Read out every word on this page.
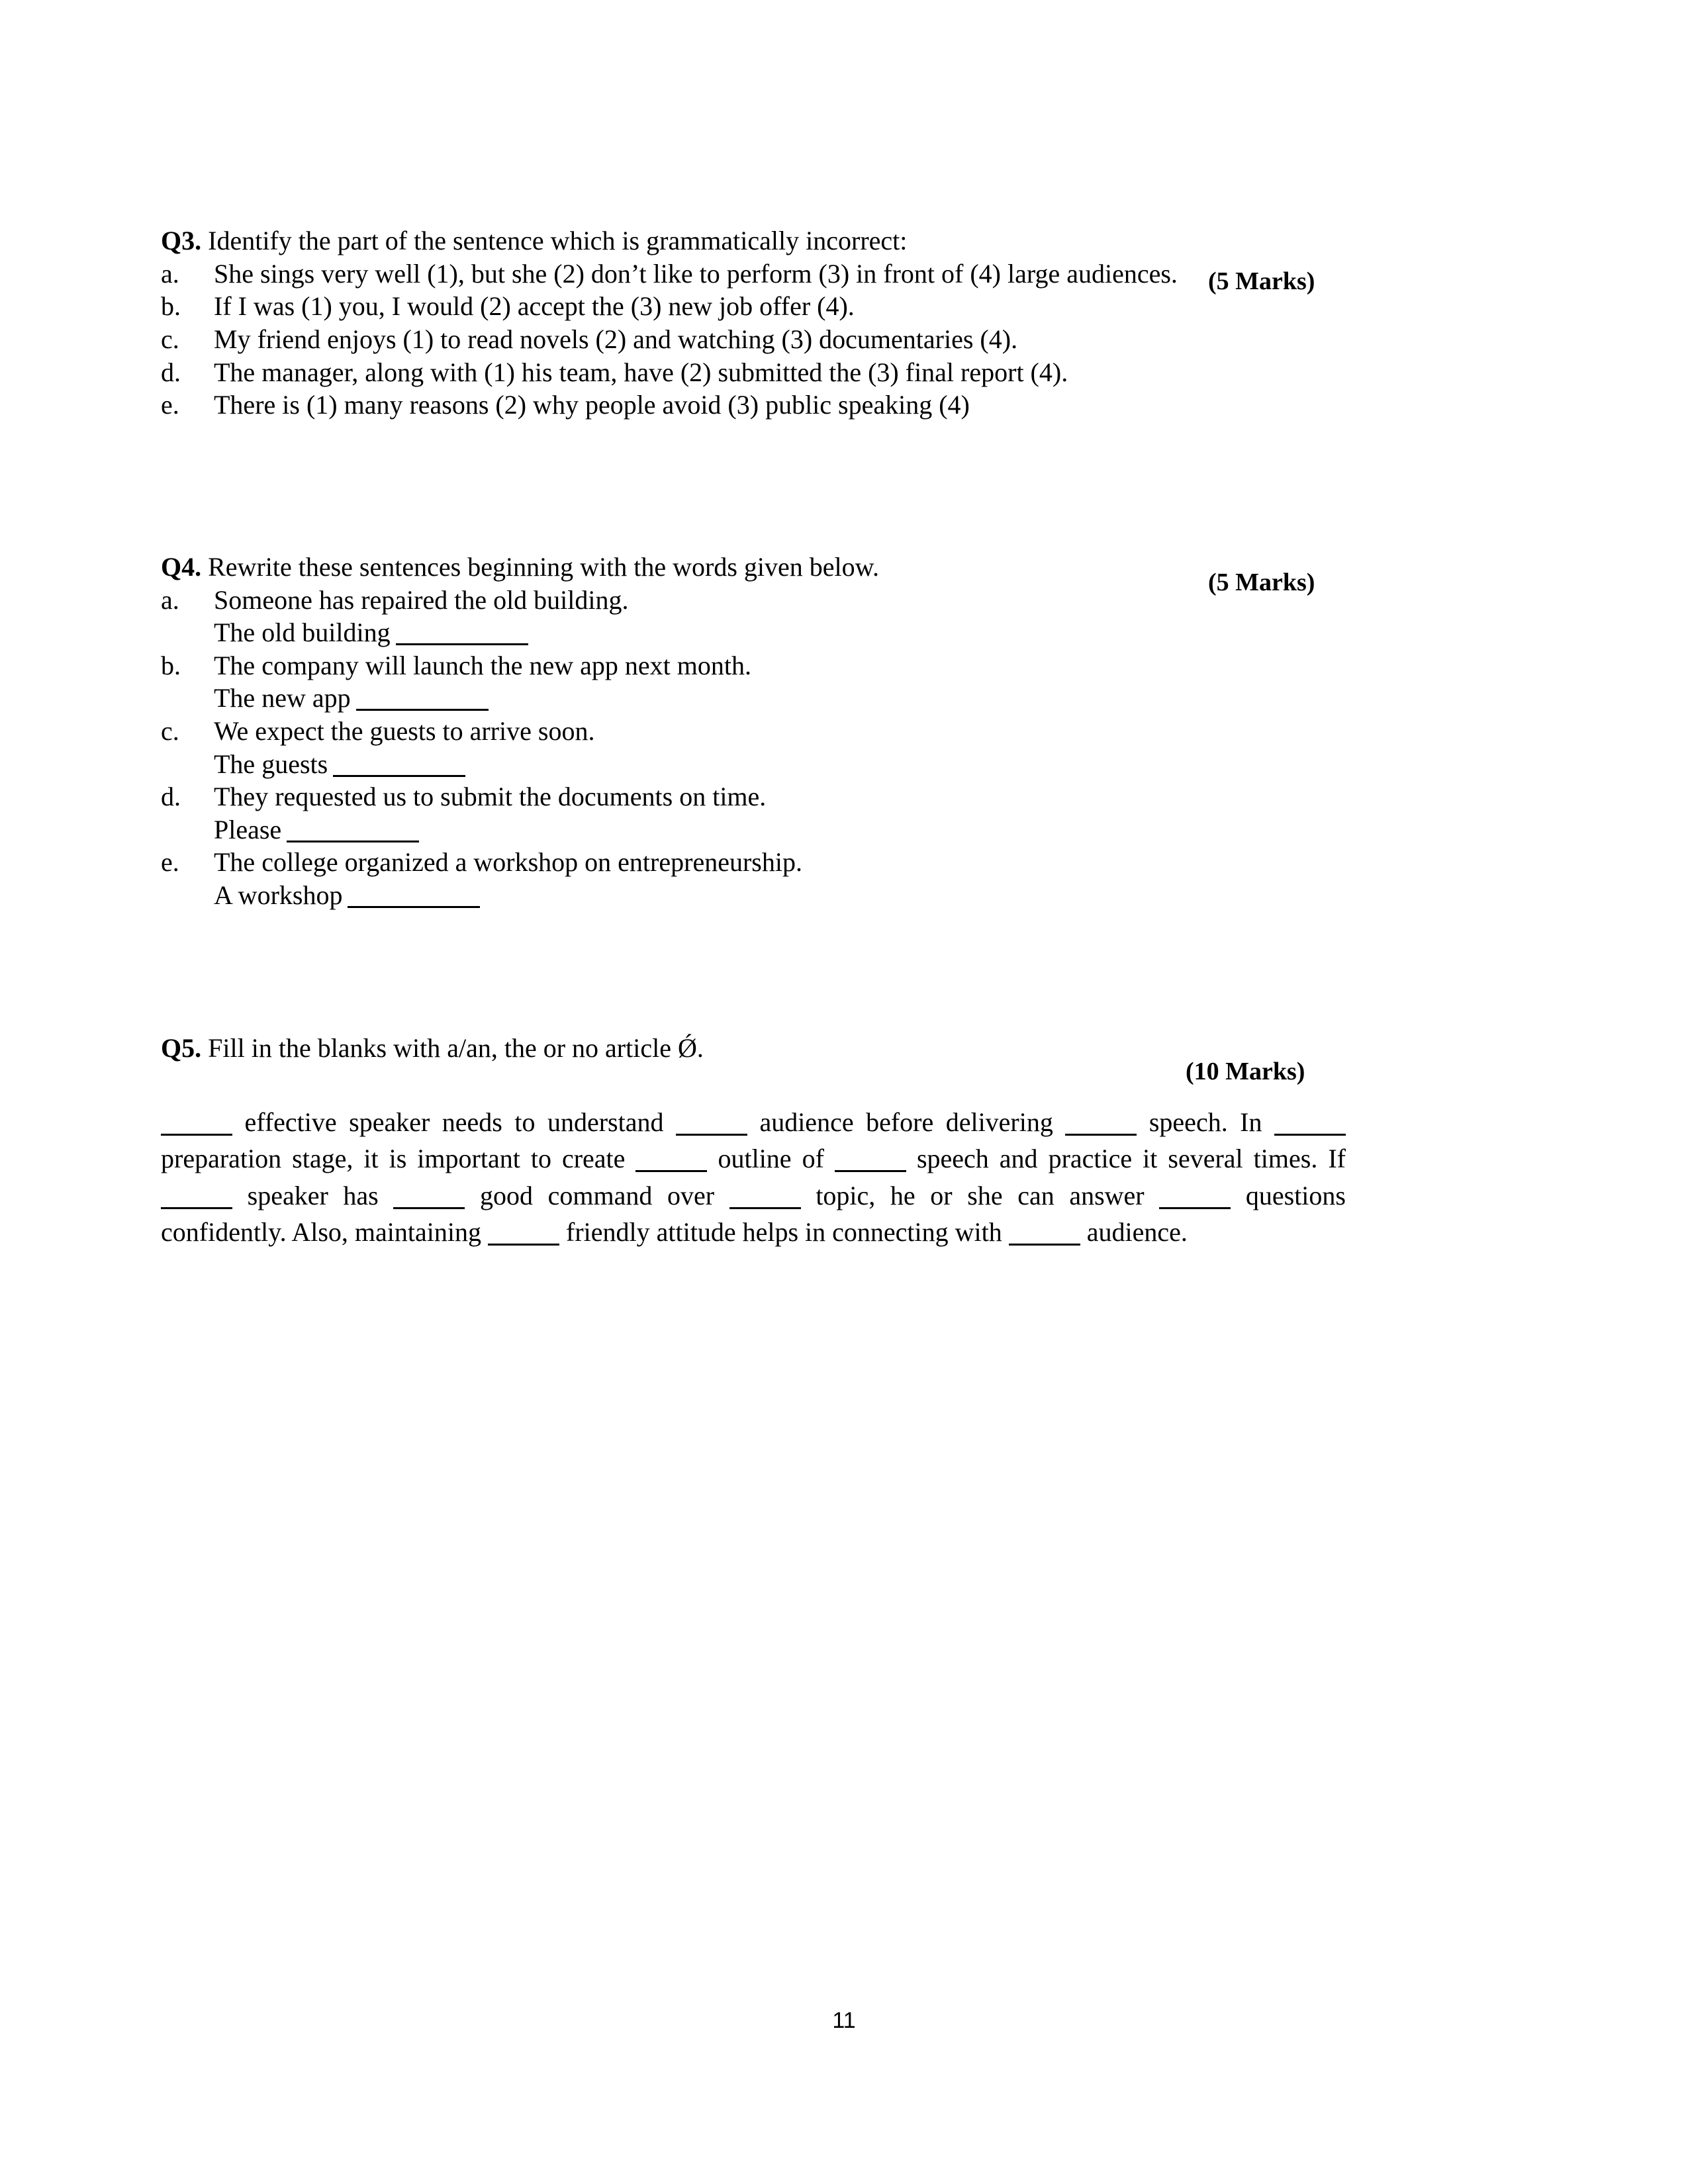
Q3. Identify the part of the sentence which is grammatically incorrect:
(5 Marks)
a.	She sings very well (1), but she (2) don’t like to perform (3) in front of (4) large audiences.
b.	If I was (1) you, I would (2) accept the (3) new job offer (4).
c.	My friend enjoys (1) to read novels (2) and watching (3) documentaries (4).
d.	The manager, along with (1) his team, have (2) submitted the (3) final report (4).
e.	There is (1) many reasons (2) why people avoid (3) public speaking (4)
Q4. Rewrite these sentences beginning with the words given below.
(5 Marks)
a.	Someone has repaired the old building.
The old building
b.	The company will launch the new app next month.
The new app
c.	We expect the guests to arrive soon.
The guests
d.	They requested us to submit the documents on time.
Please
e.	The college organized a workshop on entrepreneurship.
A workshop
Q5. Fill in the blanks with a/an, the or no article Ǿ.
(10 Marks)

effective speaker needs to understand	audience before delivering	speech. In  preparation stage, it is important to create	outline of	speech and practice it several times. If  speaker has	good command over	topic, he or she can answer	questions confidently. Also, maintaining	friendly attitude helps in connecting with	audience.

11
